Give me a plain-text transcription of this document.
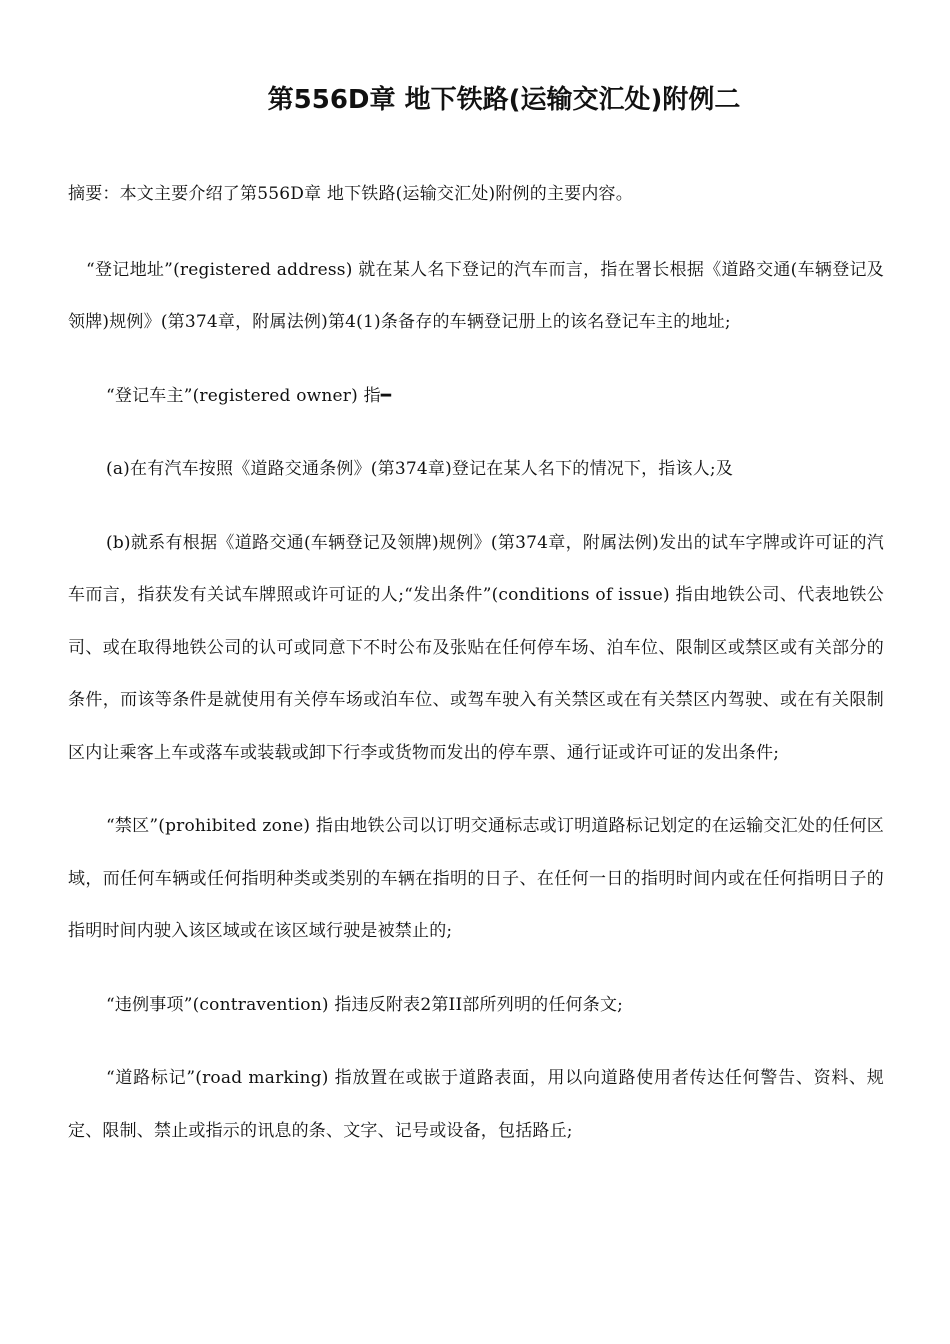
第556D章 地下铁路(运输交汇处)附例二

摘要：本文主要介绍了第556D章 地下铁路(运输交汇处)附例的主要内容。

“登记地址”(registered address) 就在某人名下登记的汽车而言，指在署长根据《道路交通(车辆登记及领牌)规例》(第374章，附属法例)第4(1)条备存的车辆登记册上的该名登记车主的地址;

“登记车主”(registered owner) 指━

(a)在有汽车按照《道路交通条例》(第374章)登记在某人名下的情况下，指该人;及

(b)就系有根据《道路交通(车辆登记及领牌)规例》(第374章，附属法例)发出的试车字牌或许可证的汽车而言，指获发有关试车牌照或许可证的人;“发出条件”(conditions of issue) 指由地铁公司、代表地铁公司、或在取得地铁公司的认可或同意下不时公布及张贴在任何停车场、泊车位、限制区或禁区或有关部分的条件，而该等条件是就使用有关停车场或泊车位、或驾车驶入有关禁区或在有关禁区内驾驶、或在有关限制区内让乘客上车或落车或装载或卸下行李或货物而发出的停车票、通行证或许可证的发出条件;

“禁区”(prohibited zone) 指由地铁公司以订明交通标志或订明道路标记划定的在运输交汇处的任何区域，而任何车辆或任何指明种类或类别的车辆在指明的日子、在任何一日的指明时间内或在任何指明日子的指明时间内驶入该区域或在该区域行驶是被禁止的;

“违例事项”(contravention) 指违反附表2第II部所列明的任何条文;

“道路标记”(road marking) 指放置在或嵌于道路表面，用以向道路使用者传达任何警告、资料、规定、限制、禁止或指示的讯息的条、文字、记号或设备，包括路丘;
